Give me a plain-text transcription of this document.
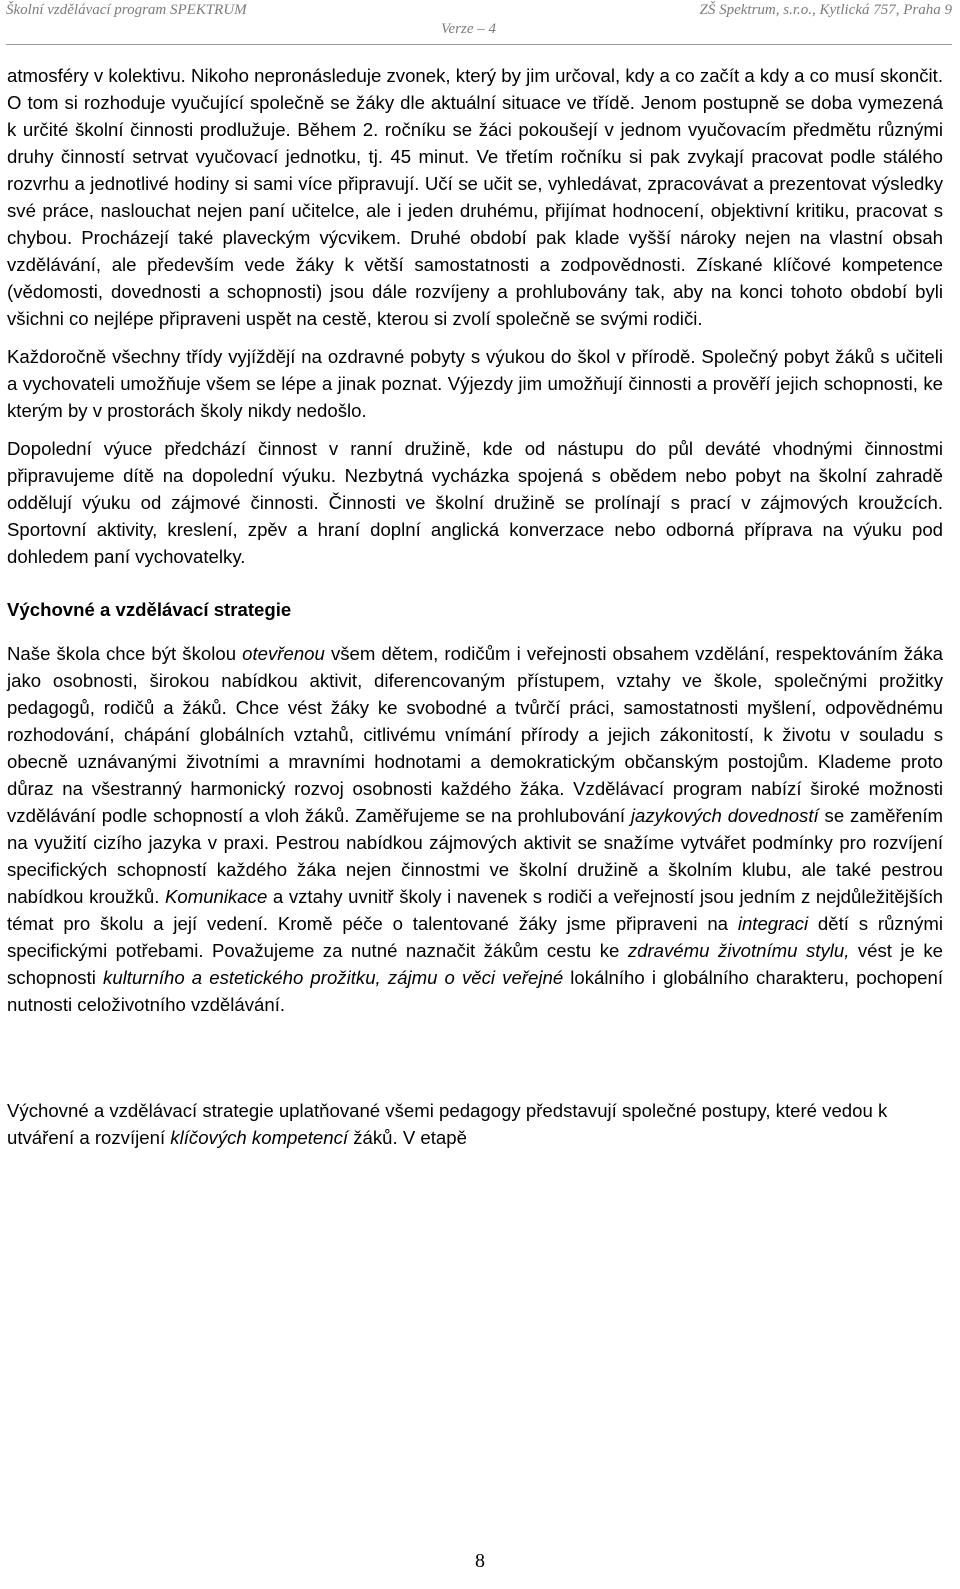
Školní vzdělávací program SPEKTRUM	ZŠ Spektrum, s.r.o., Kytlická 757, Praha 9
Verze – 4

atmosféry v kolektivu. Nikoho nepronásleduje zvonek, který by jim určoval, kdy a co začít a kdy a co musí skončit. O tom si rozhoduje vyučující společně se žáky dle aktuální situace ve třídě. Jenom postupně se doba vymezená k určité školní činnosti prodlužuje. Během 2. ročníku se žáci pokoušejí v jednom vyučovacím předmětu různými druhy činností setrvat vyučovací jednotku, tj. 45 minut. Ve třetím ročníku si pak zvykají pracovat podle stálého rozvrhu a jednotlivé hodiny si sami více připravují. Učí se učit se, vyhledávat, zpracovávat a prezentovat výsledky své práce, naslouchat nejen paní učitelce, ale i jeden druhému, přijímat hodnocení, objektivní kritiku, pracovat s chybou. Procházejí také plaveckým výcvikem. Druhé období pak klade vyšší nároky nejen na vlastní obsah vzdělávání, ale především vede žáky k větší samostatnosti a zodpovědnosti. Získané klíčové kompetence (vědomosti, dovednosti a schopnosti) jsou dále rozvíjeny a prohlubovány tak, aby na konci tohoto období byli všichni co nejlépe připraveni uspět na cestě, kterou si zvolí společně se svými rodiči.

Každoročně všechny třídy vyjíždějí na ozdravné pobyty s výukou do škol v přírodě. Společný pobyt žáků s učiteli a vychovateli umožňuje všem se lépe a jinak poznat. Výjezdy jim umožňují činnosti a prověří jejich schopnosti, ke kterým by v prostorách školy nikdy nedošlo.

Dopolední výuce předchází činnost v ranní družině, kde od nástupu do půl deváté vhodnými činnostmi připravujeme dítě na dopolední výuku. Nezbytná vycházka spojená s obědem nebo pobyt na školní zahradě oddělují výuku od zájmové činnosti. Činnosti ve školní družině se prolínají s prací v zájmových kroužcích. Sportovní aktivity, kreslení, zpěv a hraní doplní anglická konverzace nebo odborná příprava na výuku pod dohledem paní vychovatelky.

Výchovné a vzdělávací strategie

Naše škola chce být školou otevřenou všem dětem, rodičům i veřejnosti obsahem vzdělání, respektováním žáka jako osobnosti, širokou nabídkou aktivit, diferencovaným přístupem, vztahy ve škole, společnými prožitky pedagogů, rodičů a žáků. Chce vést žáky ke svobodné a tvůrčí práci, samostatnosti myšlení, odpovědnému rozhodování, chápání globálních vztahů, citlivému vnímání přírody a jejich zákonitostí, k životu v souladu s obecně uznávanými životními a mravními hodnotami a demokratickým občanským postojům. Klademe proto důraz na všestranný harmonický rozvoj osobnosti každého žáka. Vzdělávací program nabízí široké možnosti vzdělávání podle schopností a vloh žáků. Zaměřujeme se na prohlubování jazykových dovedností se zaměřením na využití cizího jazyka v praxi. Pestrou nabídkou zájmových aktivit se snažíme vytvářet podmínky pro rozvíjení specifických schopností každého žáka nejen činnostmi ve školní družině a školním klubu, ale také pestrou nabídkou kroužků. Komunikace a vztahy uvnitř školy i navenek s rodiči a veřejností jsou jedním z nejdůležitějších témat pro školu a její vedení. Kromě péče o talentované žáky jsme připraveni na integraci dětí s různými specifickými potřebami. Považujeme za nutné naznačit žákům cestu ke zdravému životnímu stylu, vést je ke schopnosti kulturního a estetického prožitku, zájmu o věci veřejné lokálního i globálního charakteru, pochopení nutnosti celoživotního vzdělávání.

Výchovné a vzdělávací strategie uplatňované všemi pedagogy představují společné postupy, které vedou k utváření a rozvíjení klíčových kompetencí žáků. V etapě

8
